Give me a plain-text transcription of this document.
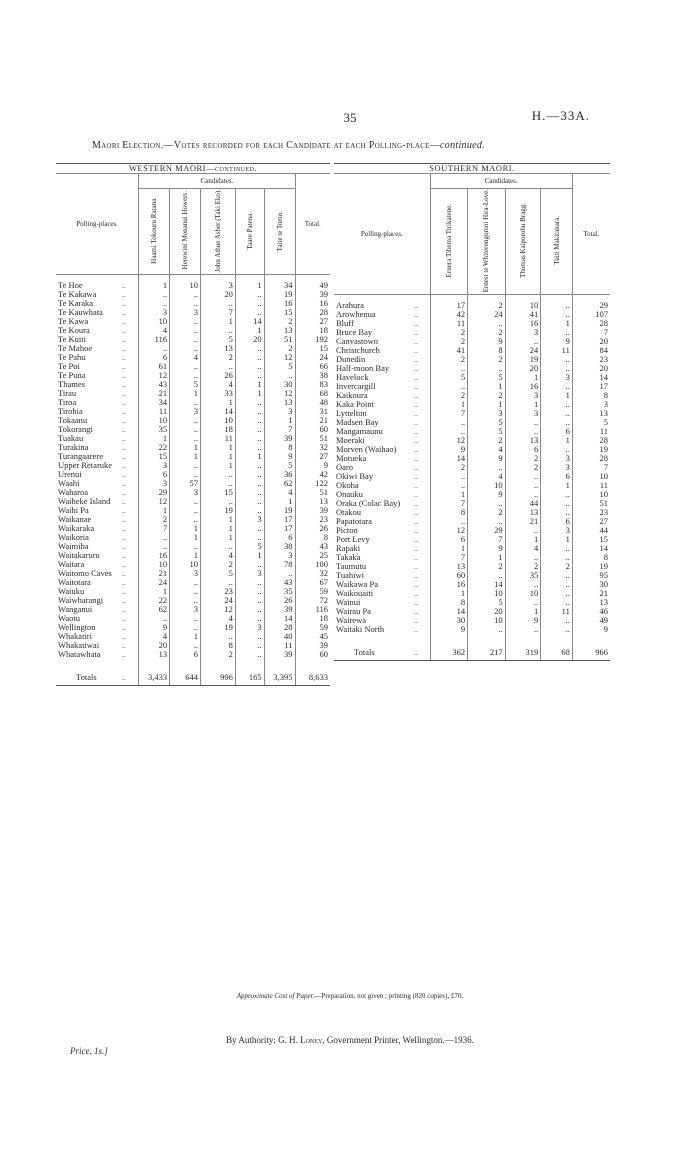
35	H.—33A.
Maori Election.—Votes recorded for each Candidate at each Polling-place—continued.
WESTERN MAORI—continued.							
Polling-places.		Candidates.					Total.
		Haami Tokouru Ratana.	Herewini Monanui Howers.	John Athue Asher (Taki Eko).	Taare Patena.	Taite te Tomo.	
Te Hoe	..	1	10	3	1	34	49
Te Kakawa	..	..	..	20	..	19	39
Te Karaka	..	..	..	..	..	16	16
Te Kauwhata	..	3	3	7	..	15	28
Te Kawa	..	10	..	1	14	2	27
Te Koura	..	4	..	..	1	13	18
Te Kuiti	..	116	..	5	20	51	192
Te Mahoe	..	..	..	13	..	2	15
Te Pahu	..	6	4	2	..	12	24
Te Poi	..	61	..	..	..	5	66
Te Puna	..	12	..	26	..	..	38
Thames	..	43	5	4	1	30	83
Tirau	..	21	1	33	1	12	68
Tiroa	..	34	..	1	..	13	48
Tirohia	..	11	3	14	..	3	31
Tokaanu	..	10	..	10	..	1	21
Tokorangi	..	35	..	18	..	7	60
Tuakau	..	1	..	11	..	39	51
Turakina	..	22	1	1	..	8	32
Turangaarere	..	15	1	1	1	9	27
Upper Retaruke	..	3	..	1	..	5	9
Urenui	..	6	..	..	..	36	42
Waahi	..	3	57	..	..	62	122
Waharoa	..	29	3	15	..	4	51
Waiheke Island	..	12	..	..	..	1	13
Waihi Pa	..	1	..	19	..	19	39
Waikanae	..	2	..	1	3	17	23
Waikaraka	..	7	1	1	..	17	26
Waikoria	..	..	1	1	..	6	8
Waimiha	..	..	..	..	5	38	43
Waitakaruru	..	16	1	4	1	3	25
Waitara	..	10	10	2	..	78	100
Waitomo Caves	..	21	3	5	3	..	32
Waitotara	..	24	..	..	..	43	67
Waiuku	..	1	..	23	..	35	59
Waiwharangi	..	22	..	24	..	26	72
Wanganui	..	62	3	12	..	39	116
Waotu	..	..	..	4	..	14	18
Wellington	..	9	..	19	3	28	59
Whakatiri	..	4	1	..	..	40	45
Whakatiwai	..	20	..	8	..	11	39
Whatawhata	..	13	6	2	..	39	60

Totals	..	3,433	644	996	165	3,395	8,633
SOUTHERN MAORI.						
Polling-places.		Candidates.				Total.
		Eruera Tihema Tirikatene.	Ernest te Whiterongomoi Hira-Love.	Thomas Kaiporohu Bragg.	Tuiti Makitanara.	
Arahura	..	17	2	10	..	29
Arowhenua	..	42	24	41	..	107
Bluff	..	11	..	16	1	28
Bruce Bay	..	2	2	3	..	7
Canvastown	..	2	9	..	9	20
Christchurch	..	41	8	24	11	84
Dunedin	..	2	2	19	..	23
Half-moon Bay	..	..	..	20	..	20
Havelock	..	5	5	1	3	14
Invercargill	..	..	1	16	..	17
Kaikoura	..	2	2	3	1	8
Kaka Point	..	1	1	1	..	3
Lyttelton	..	7	3	3	..	13
Madsen Bay	..	..	5	..	..	5
Mangamaunu	..	..	5	..	6	11
Moeraki	..	12	2	13	1	28
Morven (Waihao)	..	9	4	6	..	19
Motueka	..	14	9	2	3	28
Oaro	..	2	..	2	3	7
Okiwi Bay	..	..	4	..	6	10
Okoha	..	..	10	..	1	11
Onauku	..	1	9	..	..	10
Oraka (Colac Bay)	..	7	..	44	..	51
Otakou	..	8	2	13	..	23
Papatotara	..	..	..	21	6	27
Picton	..	12	29	..	3	44
Port Levy	..	6	7	1	1	15
Rapaki	..	1	9	4	..	14
Takaka	..	7	1	..	..	8
Taumutu	..	13	2	2	2	19
Tuahiwi	..	60	..	35	..	95
Waikawa Pa	..	16	14	..	..	30
Waikouaiti	..	1	10	10	..	21
Wainui	..	8	5	..	..	13
Wairau Pa	..	14	20	1	11	46
Wairewa	..	30	10	9	..	49
Waitaki North	..	9	..	..	..	9

Totals	..	362	217	319	68	966
Approximate Cost of Paper.—Preparation, not given ; printing (820 copies), £70.
Price, 1s.]
By Authority: G. H. Loney, Government Printer, Wellington.—1936.
